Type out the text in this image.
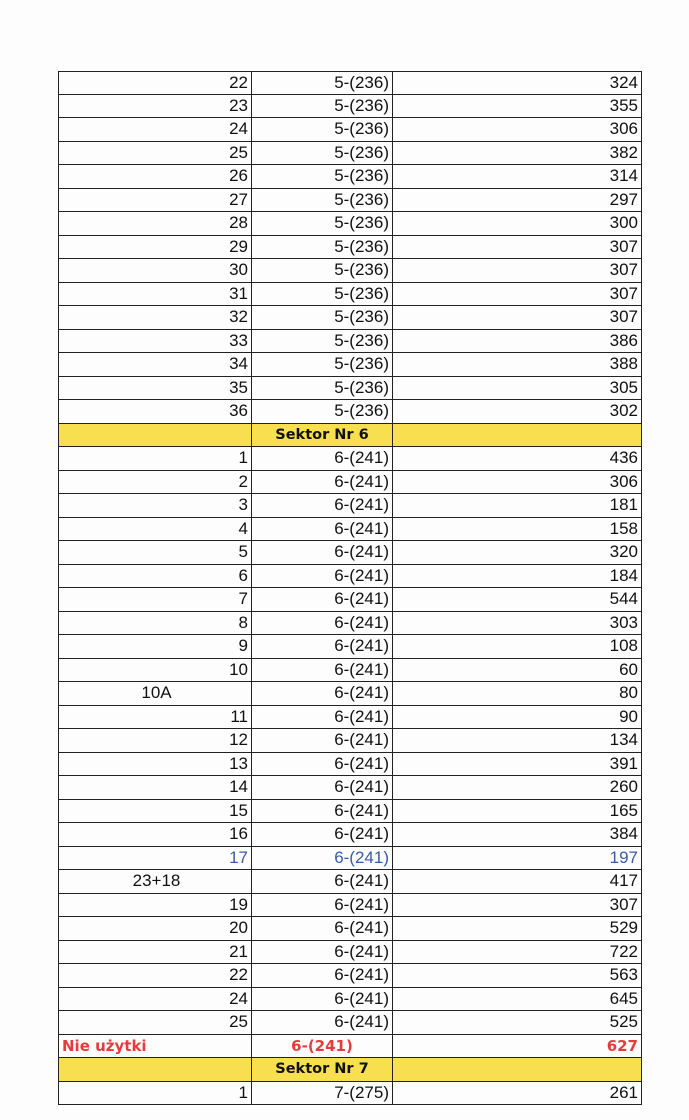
22	5-(236)	324
23	5-(236)	355
24	5-(236)	306
25	5-(236)	382
26	5-(236)	314
27	5-(236)	297
28	5-(236)	300
29	5-(236)	307
30	5-(236)	307
31	5-(236)	307
32	5-(236)	307
33	5-(236)	386
34	5-(236)	388
35	5-(236)	305
36	5-(236)	302
Sektor Nr 6
1	6-(241)	436
2	6-(241)	306
3	6-(241)	181
4	6-(241)	158
5	6-(241)	320
6	6-(241)	184
7	6-(241)	544
8	6-(241)	303
9	6-(241)	108
10	6-(241)	60
10A	6-(241)	80
11	6-(241)	90
12	6-(241)	134
13	6-(241)	391
14	6-(241)	260
15	6-(241)	165
16	6-(241)	384
17	6-(241)	197
23+18	6-(241)	417
19	6-(241)	307
20	6-(241)	529
21	6-(241)	722
22	6-(241)	563
24	6-(241)	645
25	6-(241)	525
Nie użytki	6-(241)	627
Sektor Nr 7
1	7-(275)	261
